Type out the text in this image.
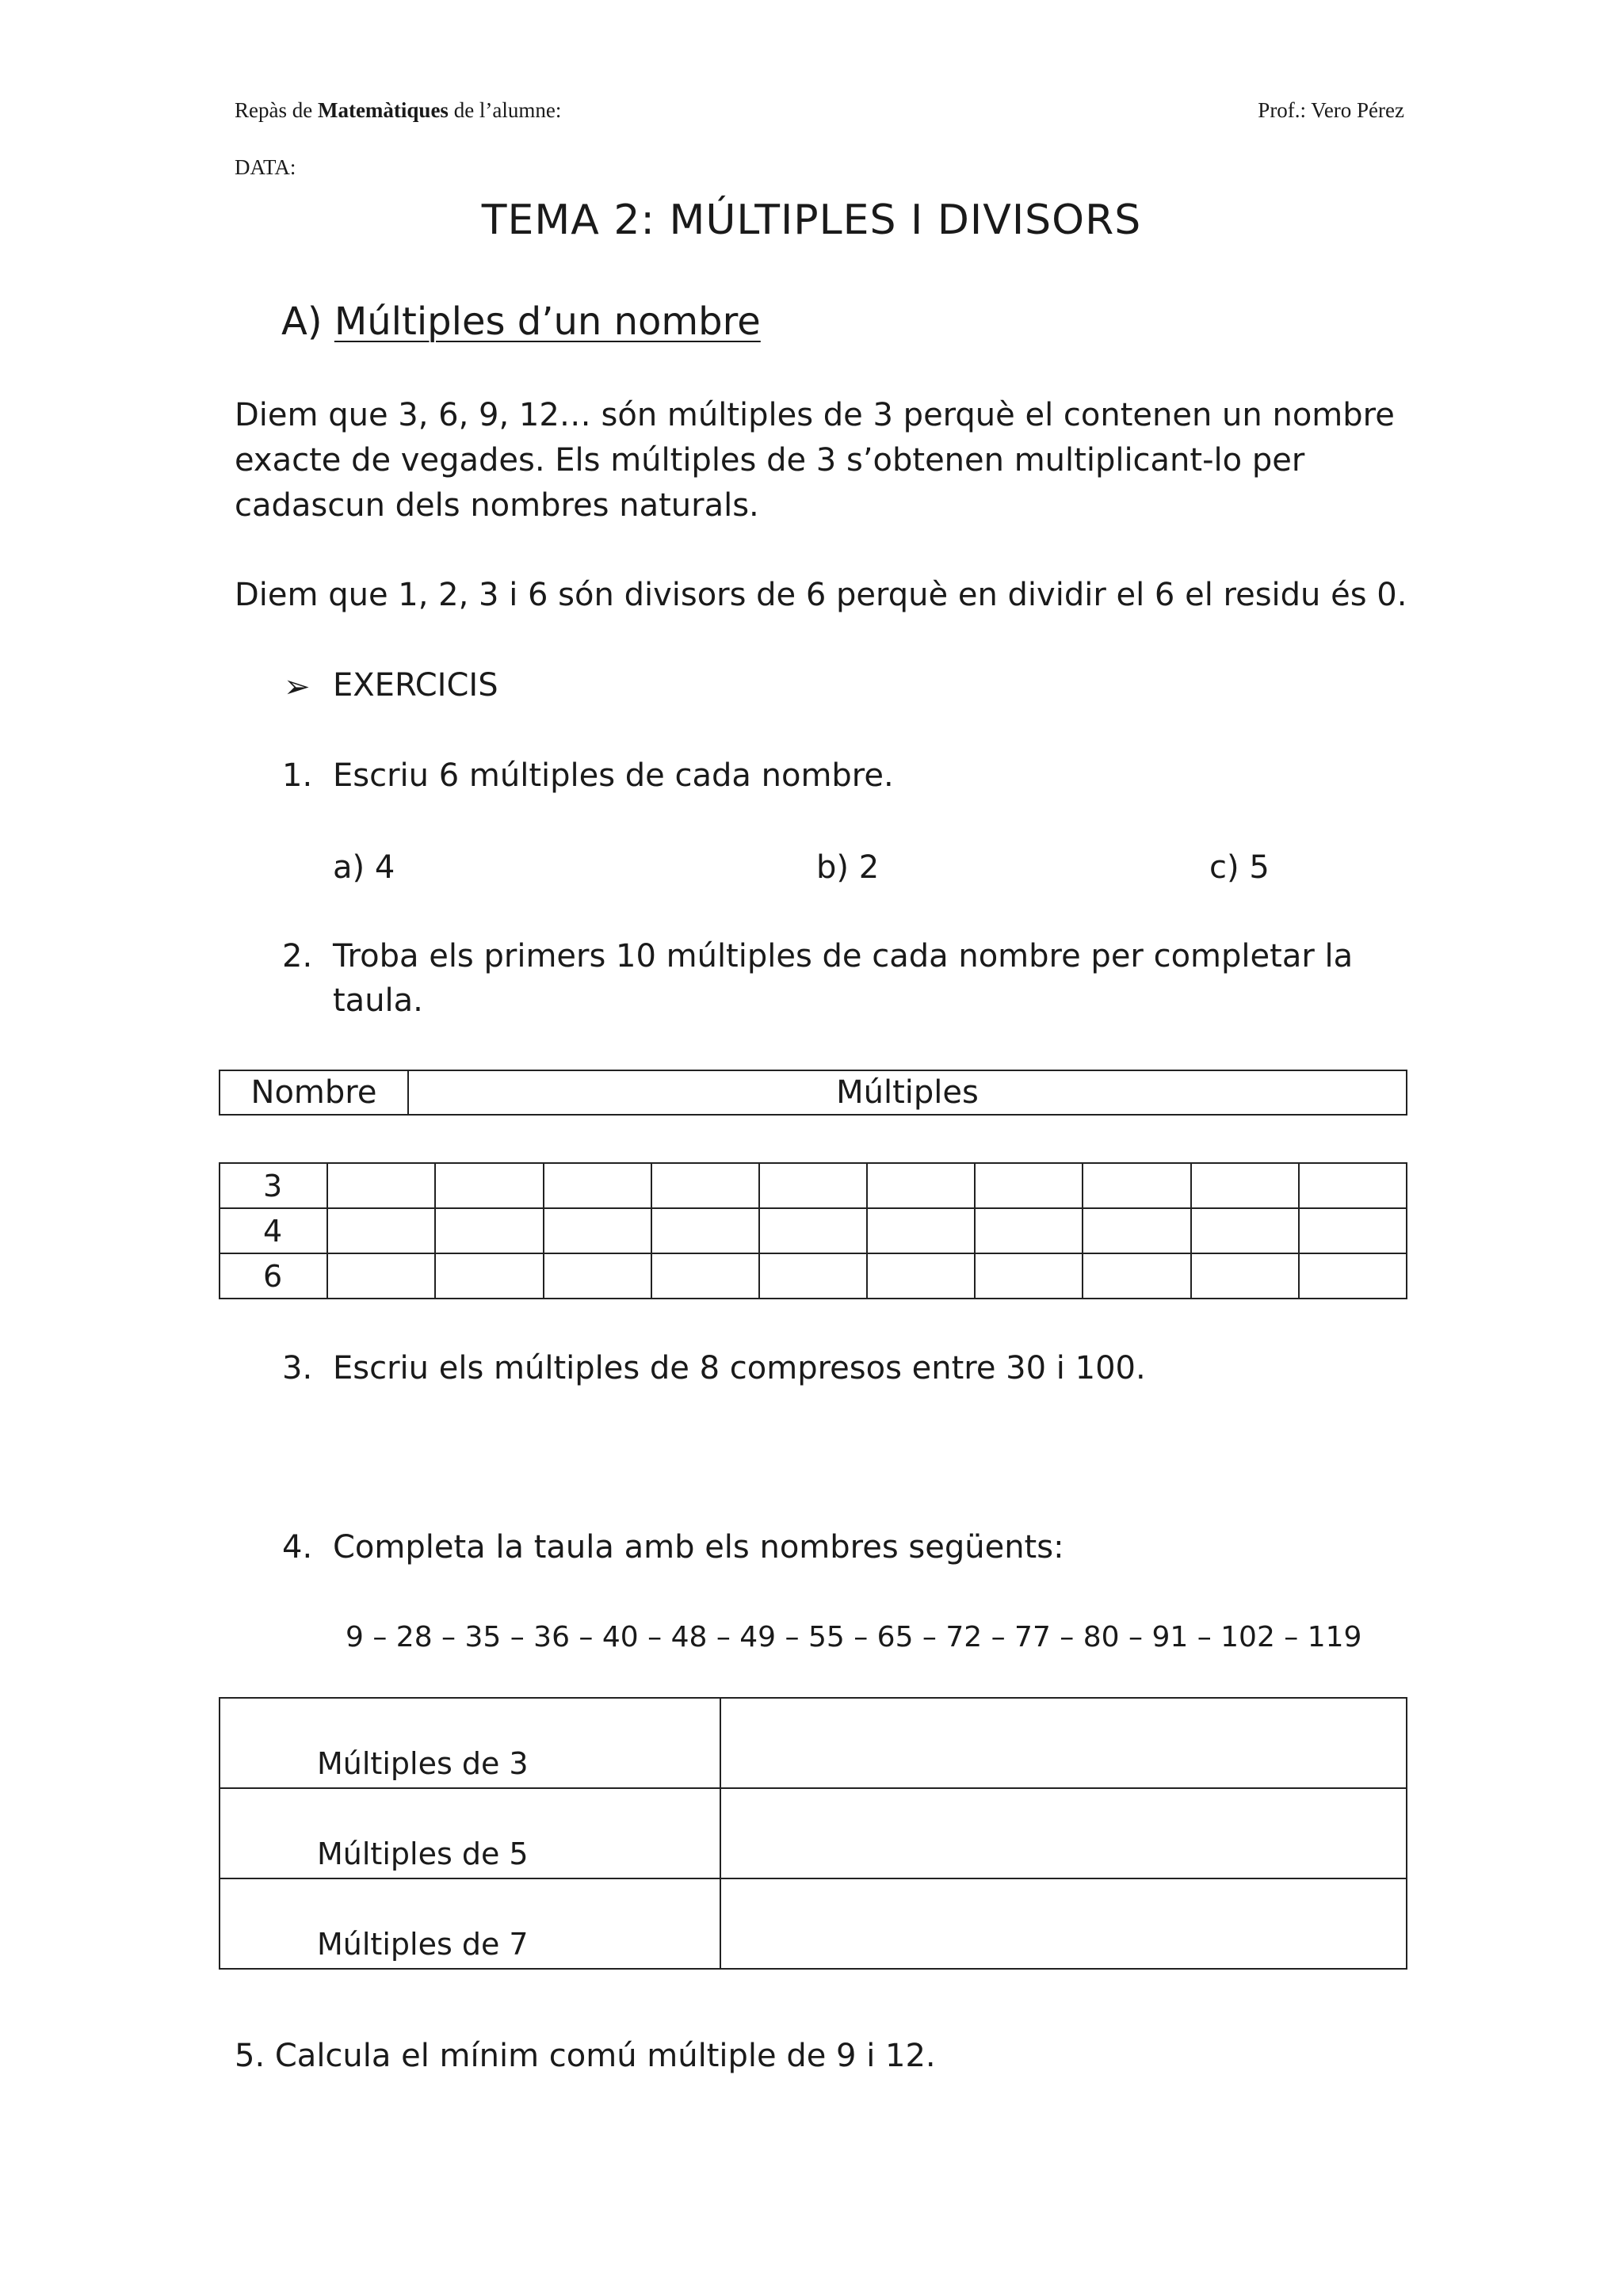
Repàs de Matemàtiques de l’alumne:	Prof.: Vero Pérez
DATA:
TEMA 2: MÚLTIPLES I DIVISORS
A) Múltiples d’un nombre
Diem que 3, 6, 9, 12… són múltiples de 3 perquè el contenen un nombre exacte de vegades. Els múltiples de 3 s’obtenen multiplicant-lo per cadascun dels nombres naturals.
Diem que 1, 2, 3 i 6 són divisors de 6 perquè en dividir el 6 el residu és 0.
➢ EXERCICIS
1. Escriu 6 múltiples de cada nombre.
a) 4	b) 2	c) 5
2. Troba els primers 10 múltiples de cada nombre per completar la
taula.
Nombre	Múltiples
3										
4										
6										
3. Escriu els múltiples de 8 compresos entre 30 i 100.
4. Completa la taula amb els nombres següents:
9 – 28 – 35 – 36 – 40 – 48 – 49 – 55 – 65 – 72 – 77 – 80 – 91 – 102 – 119
Múltiples de 3	
Múltiples de 5	
Múltiples de 7	
5. Calcula el mínim comú múltiple de 9 i 12.
